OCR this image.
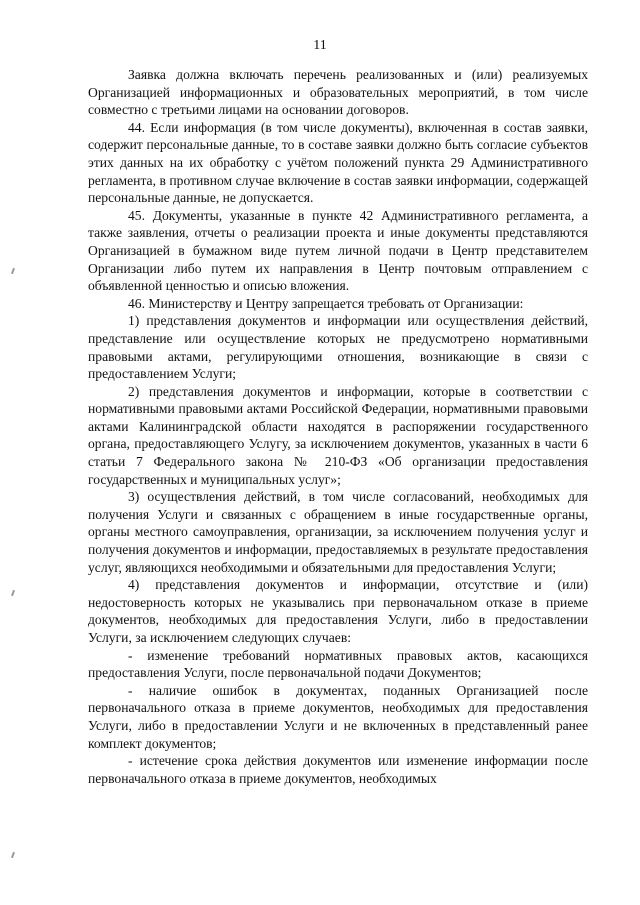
11

Заявка должна включать перечень реализованных и (или) реализуемых Организацией информационных и образовательных мероприятий, в том числе совместно с третьими лицами на основании договоров.

44. Если информация (в том числе документы), включенная в состав заявки, содержит персональные данные, то в составе заявки должно быть согласие субъектов этих данных на их обработку с учётом положений пункта 29 Административного регламента, в противном случае включение в состав заявки информации, содержащей персональные данные, не допускается.

45. Документы, указанные в пункте 42 Административного регламента, а также заявления, отчеты о реализации проекта и иные документы представляются Организацией в бумажном виде путем личной подачи в Центр представителем Организации либо путем их направления в Центр почтовым отправлением с объявленной ценностью и описью вложения.

46. Министерству и Центру запрещается требовать от Организации:

1) представления документов и информации или осуществления действий, представление или осуществление которых не предусмотрено нормативными правовыми актами, регулирующими отношения, возникающие в связи с предоставлением Услуги;

2) представления документов и информации, которые в соответствии с нормативными правовыми актами Российской Федерации, нормативными правовыми актами Калининградской области находятся в распоряжении государственного органа, предоставляющего Услугу, за исключением документов, указанных в части 6 статьи 7 Федерального закона № 210-ФЗ «Об организации предоставления государственных и муниципальных услуг»;

3) осуществления действий, в том числе согласований, необходимых для получения Услуги и связанных с обращением в иные государственные органы, органы местного самоуправления, организации, за исключением получения услуг и получения документов и информации, предоставляемых в результате предоставления услуг, являющихся необходимыми и обязательными для предоставления Услуги;

4) представления документов и информации, отсутствие и (или) недостоверность которых не указывались при первоначальном отказе в приеме документов, необходимых для предоставления Услуги, либо в предоставлении Услуги, за исключением следующих случаев:

- изменение требований нормативных правовых актов, касающихся предоставления Услуги, после первоначальной подачи Документов;

- наличие ошибок в документах, поданных Организацией после первоначального отказа в приеме документов, необходимых для предоставления Услуги, либо в предоставлении Услуги и не включенных в представленный ранее комплект документов;

- истечение срока действия документов или изменение информации после первоначального отказа в приеме документов, необходимых
